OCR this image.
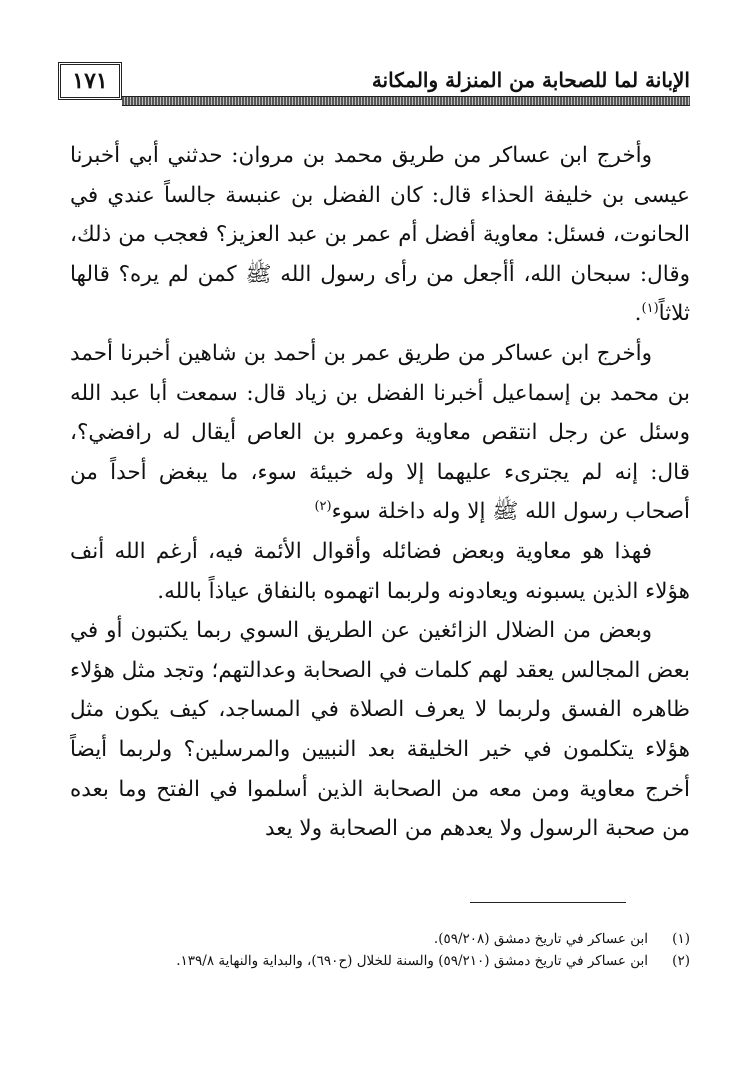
١٧١	الإبانة لما للصحابة من المنزلة والمكانة

وأخرج ابن عساكر من طريق محمد بن مروان: حدثني أبي أخبرنا عيسى بن خليفة الحذاء قال: كان الفضل بن عنبسة جالساً عندي في الحانوت، فسئل: معاوية أفضل أم عمر بن عبد العزيز؟ فعجب من ذلك، وقال: سبحان الله، أأجعل من رأى رسول الله ﷺ كمن لم يره؟ قالها ثلاثاً$^{(١)}$.

وأخرج ابن عساكر من طريق عمر بن أحمد بن شاهين أخبرنا أحمد بن محمد بن إسماعيل أخبرنا الفضل بن زياد قال: سمعت أبا عبد الله وسئل عن رجل انتقص معاوية وعمرو بن العاص أيقال له رافضي؟، قال: إنه لم يجترىء عليهما إلا وله خبيئة سوء، ما يبغض أحداً من أصحاب رسول الله ﷺ إلا وله داخلة سوء$^{(٢)}$

فهذا هو معاوية وبعض فضائله وأقوال الأئمة فيه، أرغم الله أنف هؤلاء الذين يسبونه ويعادونه ولربما اتهموه بالنفاق عياذاً بالله.

وبعض من الضلال الزائغين عن الطريق السوي ربما يكتبون أو في بعض المجالس يعقد لهم كلمات في الصحابة وعدالتهم؛ وتجد مثل هؤلاء ظاهره الفسق ولربما لا يعرف الصلاة في المساجد، كيف يكون مثل هؤلاء يتكلمون في خير الخليقة بعد النبيين والمرسلين؟ ولربما أيضاً أخرج معاوية ومن معه من الصحابة الذين أسلموا في الفتح وما بعده من صحبة الرسول ولا يعدهم من الصحابة ولا يعد

(١)
ابن عساكر في تاريخ دمشق (٥٩/٢٠٨).
(٢)
ابن عساكر في تاريخ دمشق (٥٩/٢١٠) والسنة للخلال (ح٦٩٠)، والبداية والنهاية ١٣٩/٨.
